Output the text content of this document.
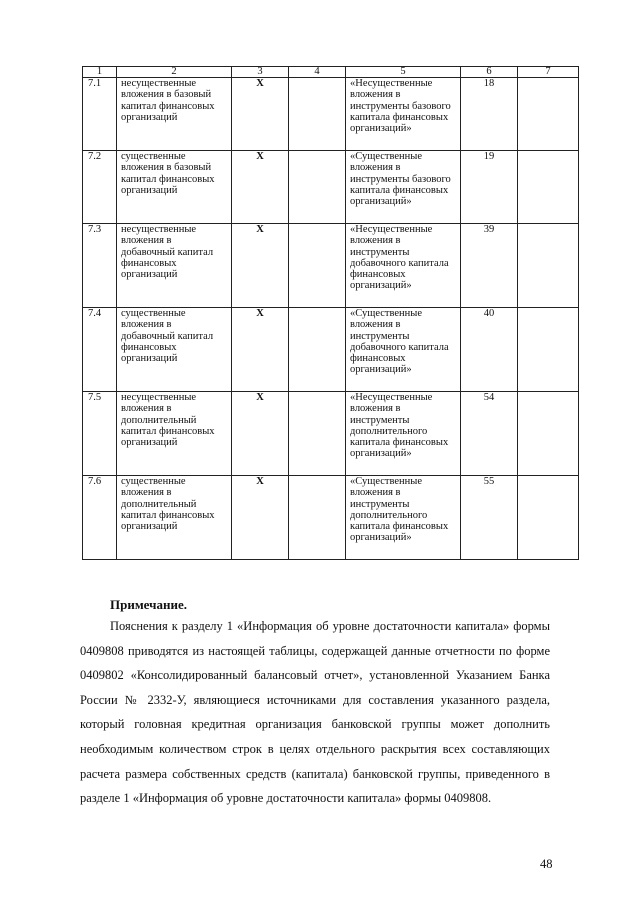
1	2	3	4	5	6	7
7.1	несущественные вложения в базовый капитал финансовых организаций	X		«Несущественные вложения в инструменты базового капитала финансовых организаций»	18	
7.2	существенные вложения в базовый капитал финансовых организаций	X		«Существенные вложения в инструменты базового капитала финансовых организаций»	19	
7.3	несущественные вложения в добавочный капитал финансовых организаций	X		«Несущественные вложения в инструменты добавочного капитала финансовых организаций»	39	
7.4	существенные вложения в добавочный капитал финансовых организаций	X		«Существенные вложения в инструменты добавочного капитала финансовых организаций»	40	
7.5	несущественные вложения в дополнительный капитал финансовых организаций	X		«Несущественные вложения в инструменты дополнительного капитала финансовых организаций»	54	
7.6	существенные вложения в дополнительный капитал финансовых организаций	X		«Существенные вложения в инструменты дополнительного капитала финансовых организаций»	55	
Примечание.

Пояснения к разделу 1 «Информация об уровне достаточности капитала» формы 0409808 приводятся из настоящей таблицы, содержащей данные отчетности по форме 0409802 «Консолидированный балансовый отчет», установленной Указанием Банка России № 2332-У, являющиеся источниками для составления указанного раздела, который головная кредитная организация банковской группы может дополнить необходимым количеством строк в целях отдельного раскрытия всех составляющих расчета размера собственных средств (капитала) банковской группы, приведенного в разделе 1 «Информация об уровне достаточности капитала» формы 0409808.

48
